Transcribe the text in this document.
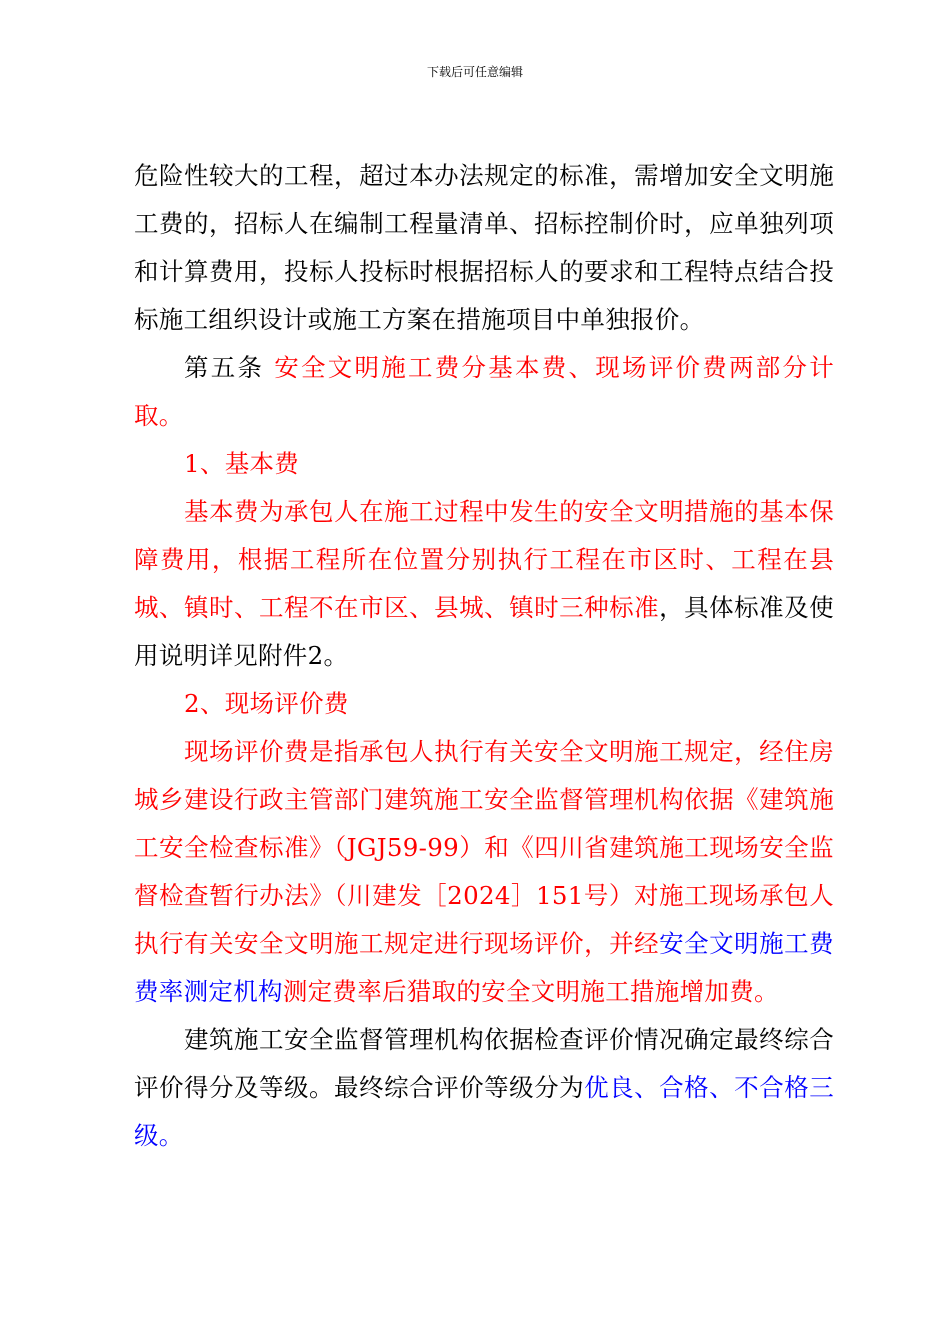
下载后可任意编辑

危险性较大的工程，超过本办法规定的标准，需增加安全文明施工费的，招标人在编制工程量清单、招标控制价时，应单独列项和计算费用，投标人投标时根据招标人的要求和工程特点结合投标施工组织设计或施工方案在措施项目中单独报价。

第五条 安全文明施工费分基本费、现场评价费两部分计取。

1、基本费

基本费为承包人在施工过程中发生的安全文明措施的基本保障费用，根据工程所在位置分别执行工程在市区时、工程在县城、镇时、工程不在市区、县城、镇时三种标准，具体标准及使用说明详见附件2。

2、现场评价费

现场评价费是指承包人执行有关安全文明施工规定，经住房城乡建设行政主管部门建筑施工安全监督管理机构依据《建筑施工安全检查标准》（JGJ59-99）和《四川省建筑施工现场安全监督检查暂行办法》（川建发［2024］151号）对施工现场承包人执行有关安全文明施工规定进行现场评价，并经安全文明施工费费率测定机构测定费率后猎取的安全文明施工措施增加费。

建筑施工安全监督管理机构依据检查评价情况确定最终综合评价得分及等级。最终综合评价等级分为优良、合格、不合格三级。
